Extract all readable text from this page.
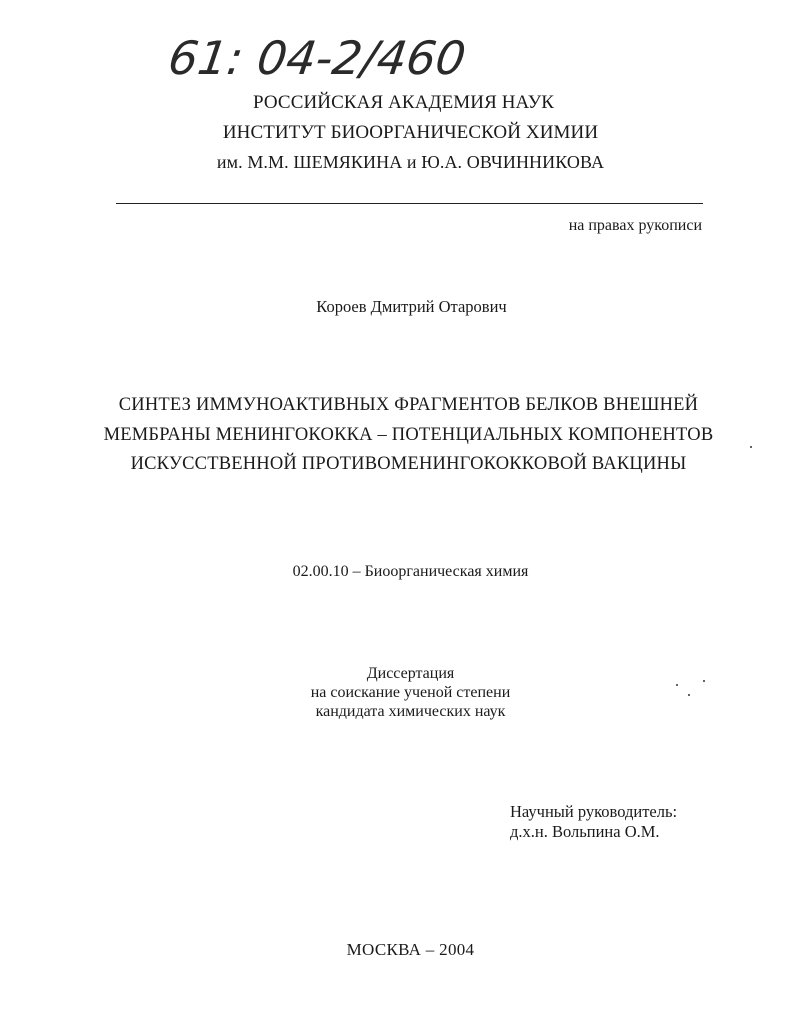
61: 04-2/460
РОССИЙСКАЯ АКАДЕМИЯ НАУК
ИНСТИТУТ БИООРГАНИЧЕСКОЙ ХИМИИ
им. М.М. ШЕМЯКИНА и Ю.А. ОВЧИННИКОВА
на правах рукописи
Короев Дмитрий Отарович
СИНТЕЗ ИММУНОАКТИВНЫХ ФРАГМЕНТОВ БЕЛКОВ ВНЕШНЕЙ
МЕМБРАНЫ МЕНИНГОКОККА – ПОТЕНЦИАЛЬНЫХ КОМПОНЕНТОВ
ИСКУССТВЕННОЙ ПРОТИВОМЕНИНГОКОККОВОЙ ВАКЦИНЫ
02.00.10 – Биоорганическая химия
Диссертация
на соискание ученой степени
кандидата химических наук
Научный руководитель:
д.х.н. Вольпина О.М.
МОСКВА – 2004
